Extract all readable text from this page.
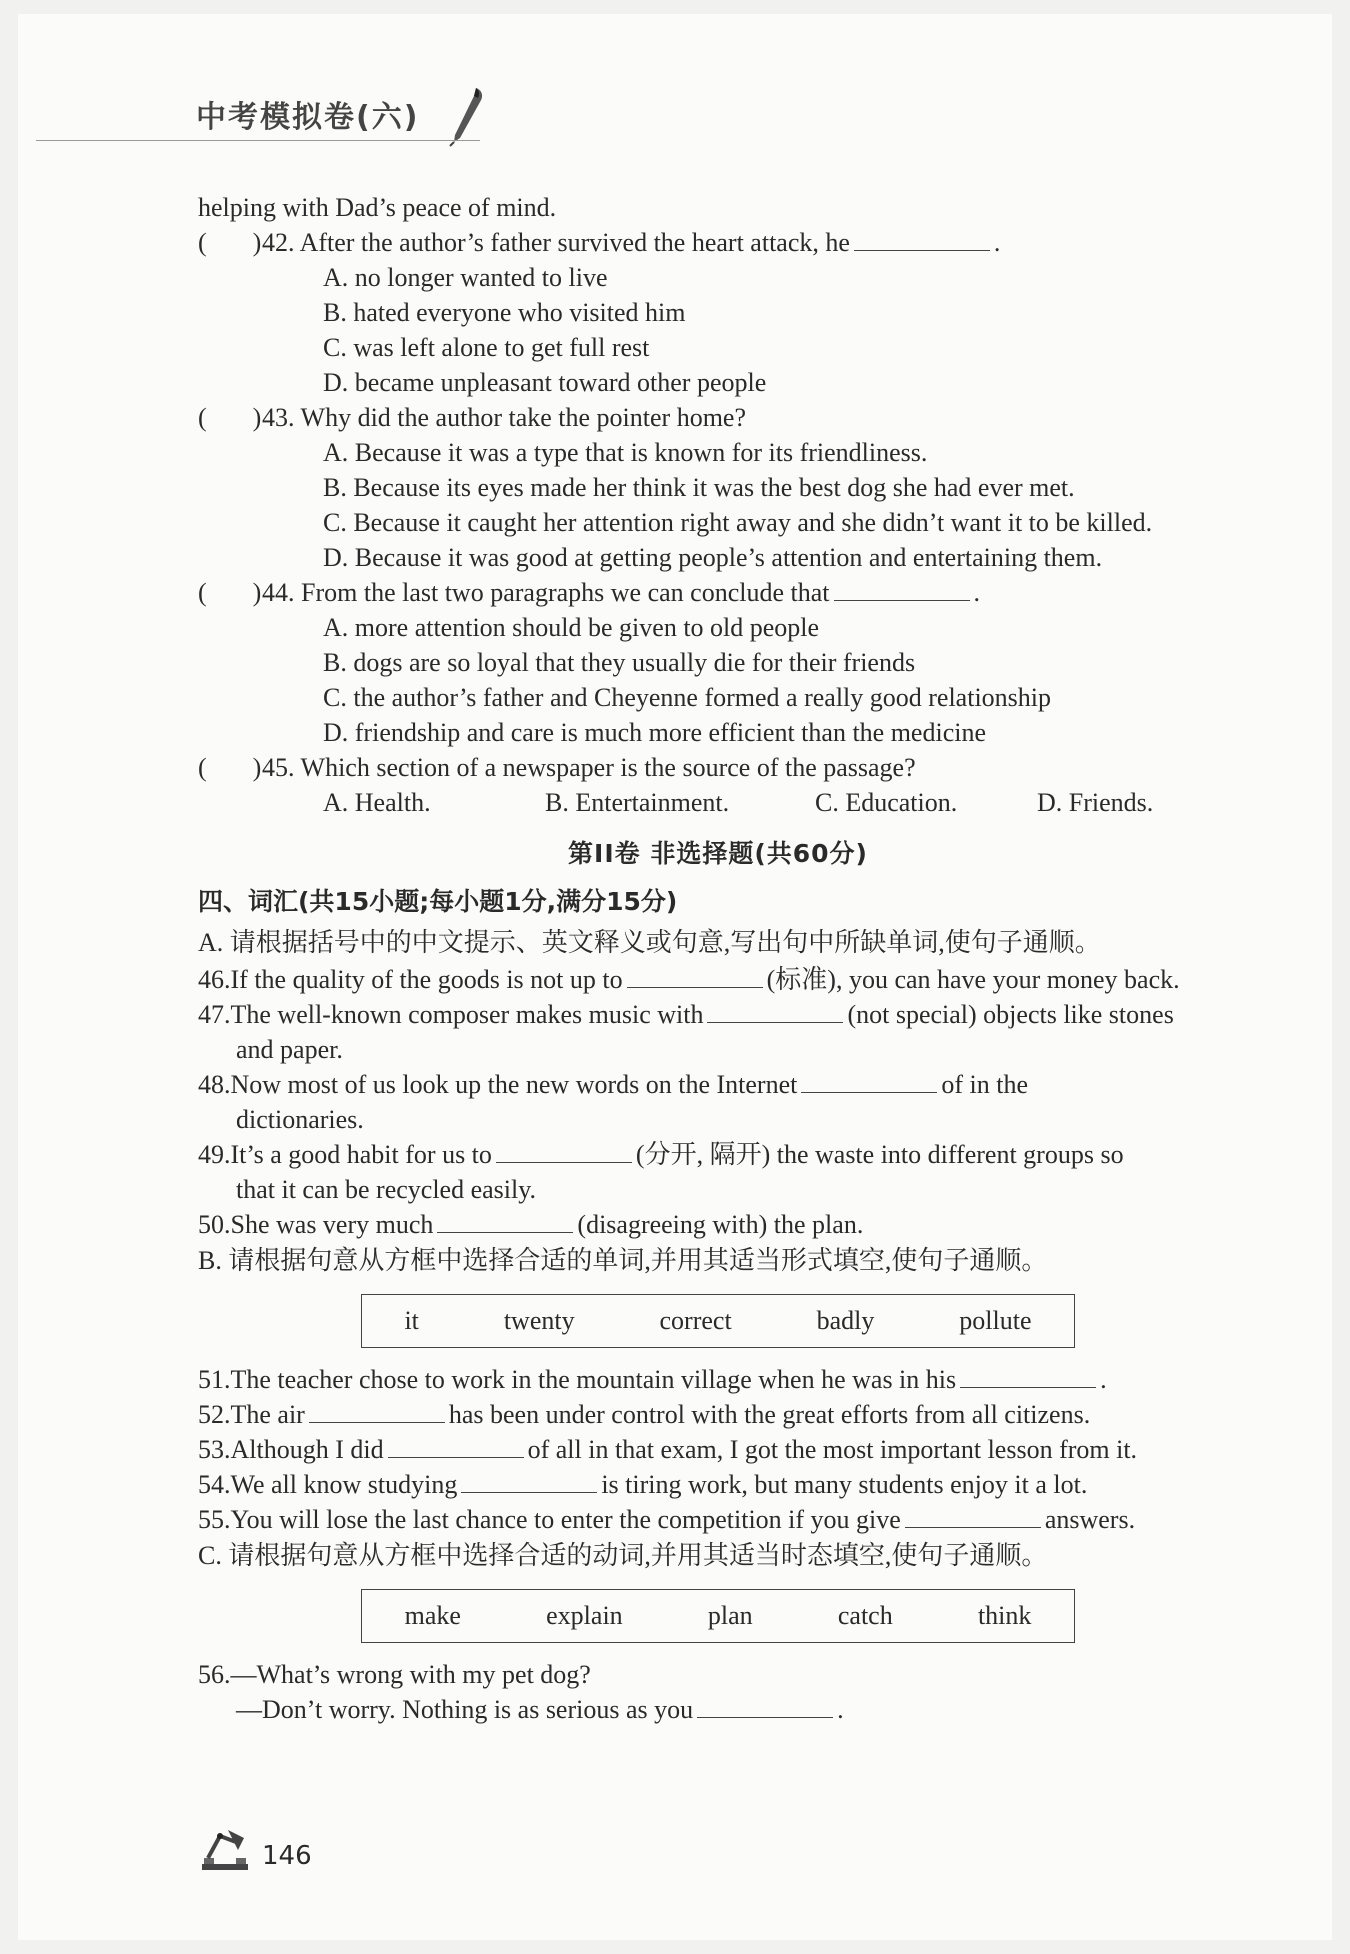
中考模拟卷(六)
helping with Dad’s peace of mind.
( )42. After the author’s father survived the heart attack, he	.
A. no longer wanted to live
B. hated everyone who visited him
C. was left alone to get full rest
D. became unpleasant toward other people
( )43. Why did the author take the pointer home?
A. Because it was a type that is known for its friendliness.
B. Because its eyes made her think it was the best dog she had ever met.
C. Because it caught her attention right away and she didn’t want it to be killed.
D. Because it was good at getting people’s attention and entertaining them.
( )44. From the last two paragraphs we can conclude that	.
A. more attention should be given to old people
B. dogs are so loyal that they usually die for their friends
C. the author’s father and Cheyenne formed a really good relationship
D. friendship and care is much more efficient than the medicine
( )45. Which section of a newspaper is the source of the passage?
A. Health.	B. Entertainment.	C. Education.	D. Friends.
第II卷 非选择题(共60分)
四、词汇(共15小题;每小题1分,满分15分)
A. 请根据括号中的中文提示、英文释义或句意,写出句中所缺单词,使句子通顺。
46.If the quality of the goods is not up to	(标准), you can have your money back.
47.The well-known composer makes music with	(not special) objects like stones
and paper.
48.Now most of us look up the new words on the Internet	of in the
dictionaries.
49.It’s a good habit for us to	(分开, 隔开) the waste into different groups so
that it can be recycled easily.
50.She was very much	(disagreeing with) the plan.
B. 请根据句意从方框中选择合适的单词,并用其适当形式填空,使句子通顺。
it	twenty	correct	badly	pollute
51.The teacher chose to work in the mountain village when he was in his	.
52.The air	has been under control with the great efforts from all citizens.
53.Although I did	of all in that exam, I got the most important lesson from it.
54.We all know studying	is tiring work, but many students enjoy it a lot.
55.You will lose the last chance to enter the competition if you give	answers.
C. 请根据句意从方框中选择合适的动词,并用其适当时态填空,使句子通顺。
make	explain	plan	catch	think
56.—What’s wrong with my pet dog?
—Don’t worry. Nothing is as serious as you	.
146
